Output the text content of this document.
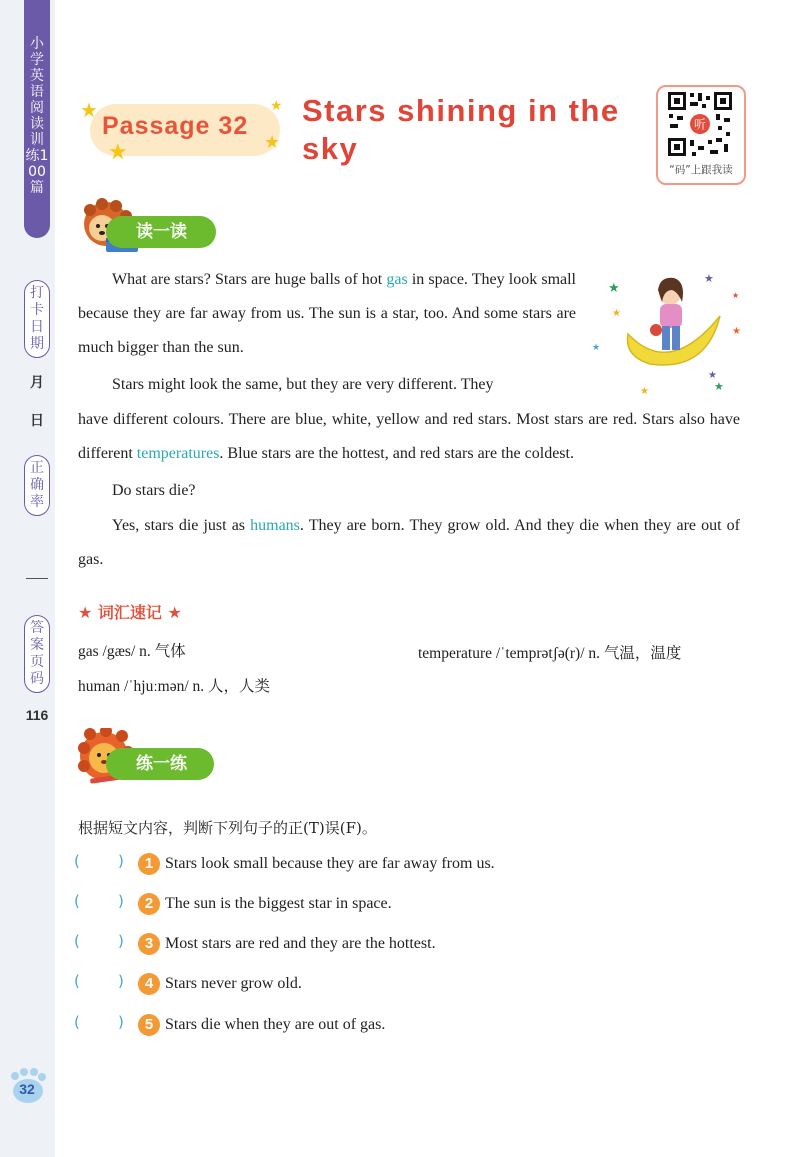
小学英语阅读训练100篇
打卡日期
月
日
正确率
答案页码
116
★
★	★
★
Passage 32 Stars shining in the sky
听
“码”上跟我读
读一读
★
★
★
★
★
★
★
★
★

What are stars? Stars are huge balls of hot gas in space. They look small because they are far away from us. The sun is a star, too. And some stars are much bigger than the sun.

Stars might look the same, but they are very different. They

have different colours. There are blue, white, yellow and red stars. Most stars are red. Stars also have different temperatures. Blue stars are the hottest, and red stars are the coldest.

Do stars die?

Yes, stars die just as humans. They are born. They grow old. And they die when they are out of gas.

★ 词汇速记 ★
gas /gæs/ n. 气体	temperature /ˈtemprətʃə(r)/ n. 气温，温度
human /ˈhjuːmən/ n. 人，人类
练一练
根据短文内容，判断下列句子的正(T)误(F)。
(	)	1 Stars look small because they are far away from us.
(	)	2 The sun is the biggest star in space.
(	)	3 Most stars are red and they are the hottest.
(	)	4 Stars never grow old.
(	)	5 Stars die when they are out of gas.
32
